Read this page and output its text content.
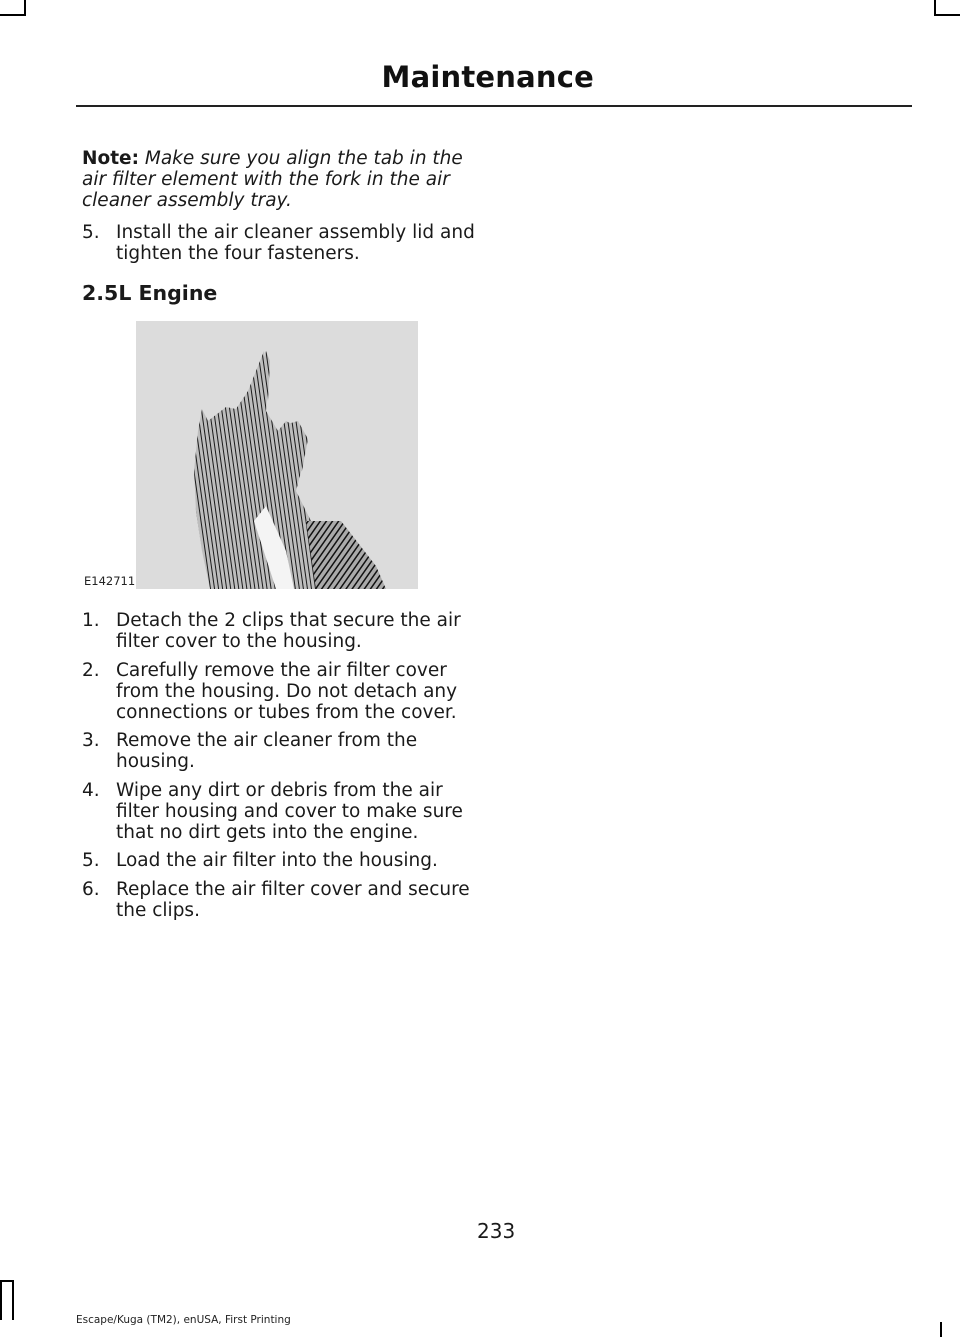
Maintenance
Note: Make sure you align the tab in the air filter element with the fork in the air cleaner assembly tray.
5. Install the air cleaner assembly lid and tighten the four fasteners.
2.5L Engine
E142711
1. Detach the 2 clips that secure the air filter cover to the housing.
2. Carefully remove the air filter cover from the housing. Do not detach any connections or tubes from the cover.
3. Remove the air cleaner from the housing.
4. Wipe any dirt or debris from the air filter housing and cover to make sure that no dirt gets into the engine.
5. Load the air filter into the housing.
6. Replace the air filter cover and secure the clips.
233
Escape/Kuga (TM2), enUSA, First Printing
